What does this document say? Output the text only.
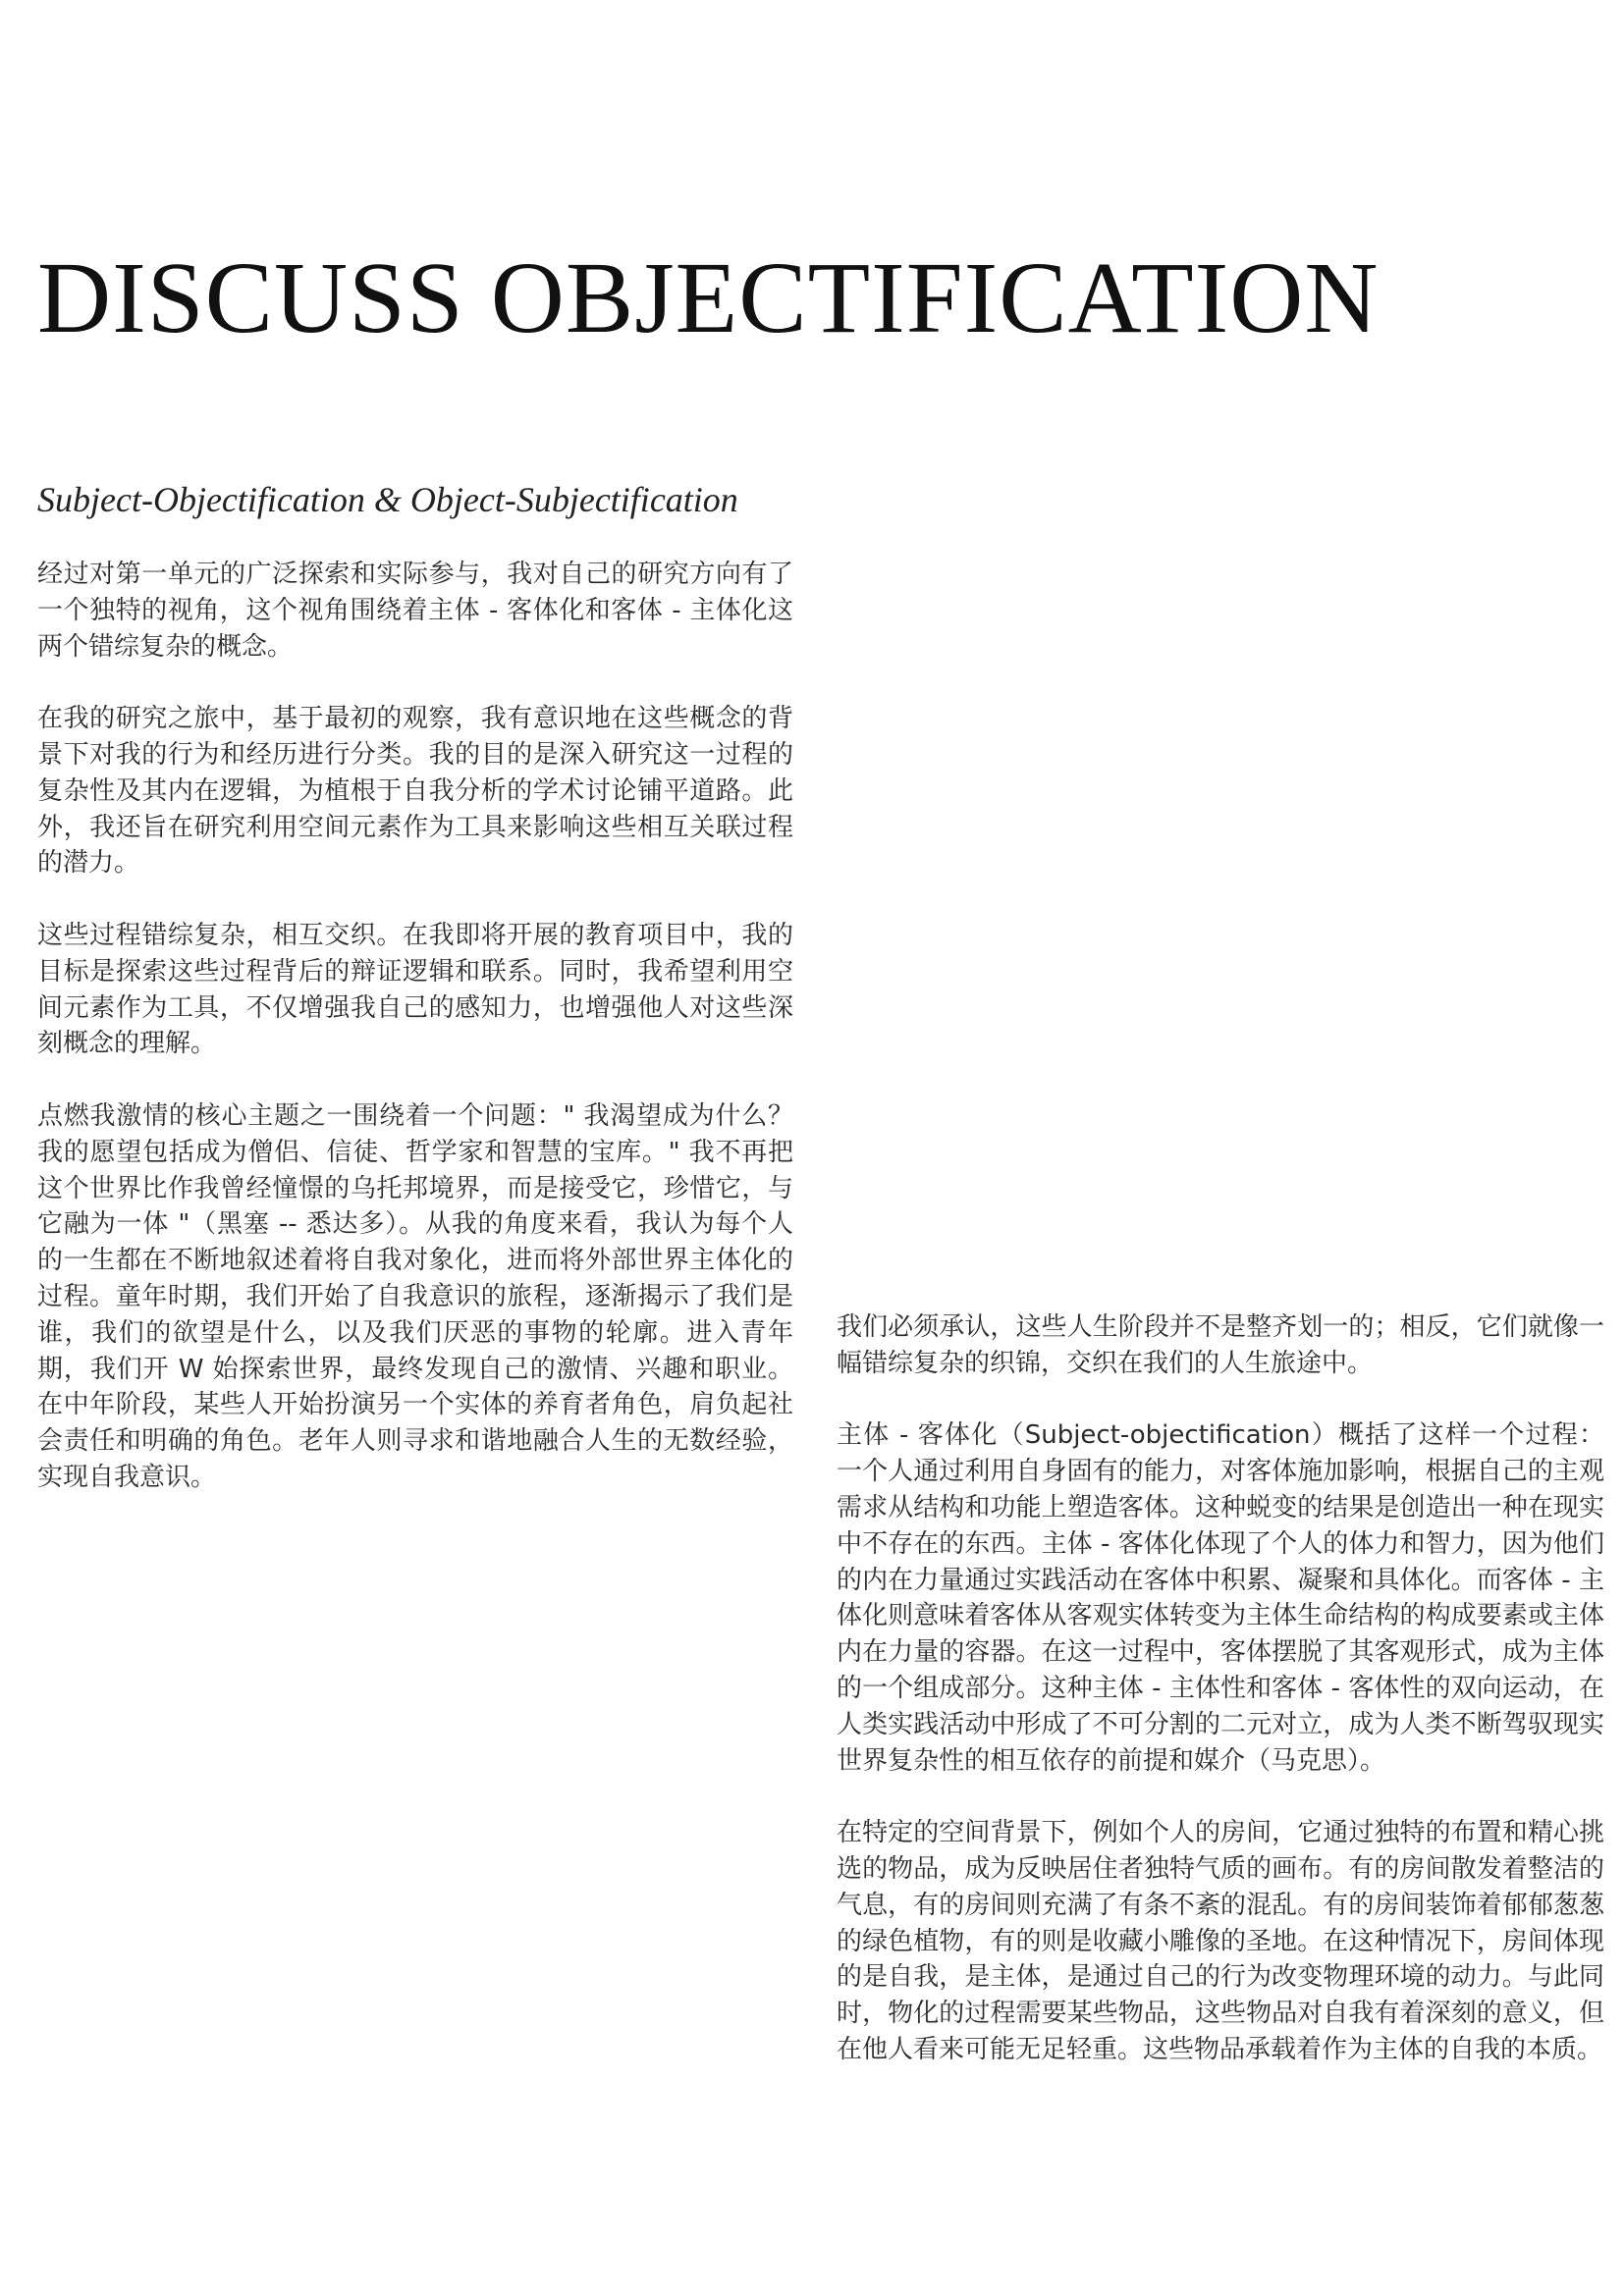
DISCUSS OBJECTIFICATION
Subject-Objectification & Object-Subjectification

经过对第一单元的广泛探索和实际参与，我对自己的研究方向有了一个独特的视角，这个视角围绕着主体 - 客体化和客体 - 主体化这两个错综复杂的概念。

在我的研究之旅中，基于最初的观察，我有意识地在这些概念的背景下对我的行为和经历进行分类。我的目的是深入研究这一过程的复杂性及其内在逻辑，为植根于自我分析的学术讨论铺平道路。此外，我还旨在研究利用空间元素作为工具来影响这些相互关联过程的潜力。

这些过程错综复杂，相互交织。在我即将开展的教育项目中，我的目标是探索这些过程背后的辩证逻辑和联系。同时，我希望利用空间元素作为工具，不仅增强我自己的感知力，也增强他人对这些深刻概念的理解。

点燃我激情的核心主题之一围绕着一个问题：" 我渴望成为什么？我的愿望包括成为僧侣、信徒、哲学家和智慧的宝库。" 我不再把这个世界比作我曾经憧憬的乌托邦境界，而是接受它，珍惜它，与它融为一体 "（黑塞 -- 悉达多）。从我的角度来看，我认为每个人的一生都在不断地叙述着将自我对象化，进而将外部世界主体化的过程。童年时期，我们开始了自我意识的旅程，逐渐揭示了我们是谁，我们的欲望是什么，以及我们厌恶的事物的轮廓。进入青年期，我们开 W 始探索世界，最终发现自己的激情、兴趣和职业。在中年阶段，某些人开始扮演另一个实体的养育者角色，肩负起社会责任和明确的角色。老年人则寻求和谐地融合人生的无数经验，实现自我意识。

我们必须承认，这些人生阶段并不是整齐划一的；相反，它们就像一幅错综复杂的织锦，交织在我们的人生旅途中。

主体 - 客体化（Subject-objectification）概括了这样一个过程：一个人通过利用自身固有的能力，对客体施加影响，根据自己的主观需求从结构和功能上塑造客体。这种蜕变的结果是创造出一种在现实中不存在的东西。主体 - 客体化体现了个人的体力和智力，因为他们的内在力量通过实践活动在客体中积累、凝聚和具体化。而客体 - 主体化则意味着客体从客观实体转变为主体生命结构的构成要素或主体内在力量的容器。在这一过程中，客体摆脱了其客观形式，成为主体的一个组成部分。这种主体 - 主体性和客体 - 客体性的双向运动，在人类实践活动中形成了不可分割的二元对立，成为人类不断驾驭现实世界复杂性的相互依存的前提和媒介（马克思）。

在特定的空间背景下，例如个人的房间，它通过独特的布置和精心挑选的物品，成为反映居住者独特气质的画布。有的房间散发着整洁的气息，有的房间则充满了有条不紊的混乱。有的房间装饰着郁郁葱葱的绿色植物，有的则是收藏小雕像的圣地。在这种情况下，房间体现的是自我，是主体，是通过自己的行为改变物理环境的动力。与此同时，物化的过程需要某些物品，这些物品对自我有着深刻的意义，但在他人看来可能无足轻重。这些物品承载着作为主体的自我的本质。
